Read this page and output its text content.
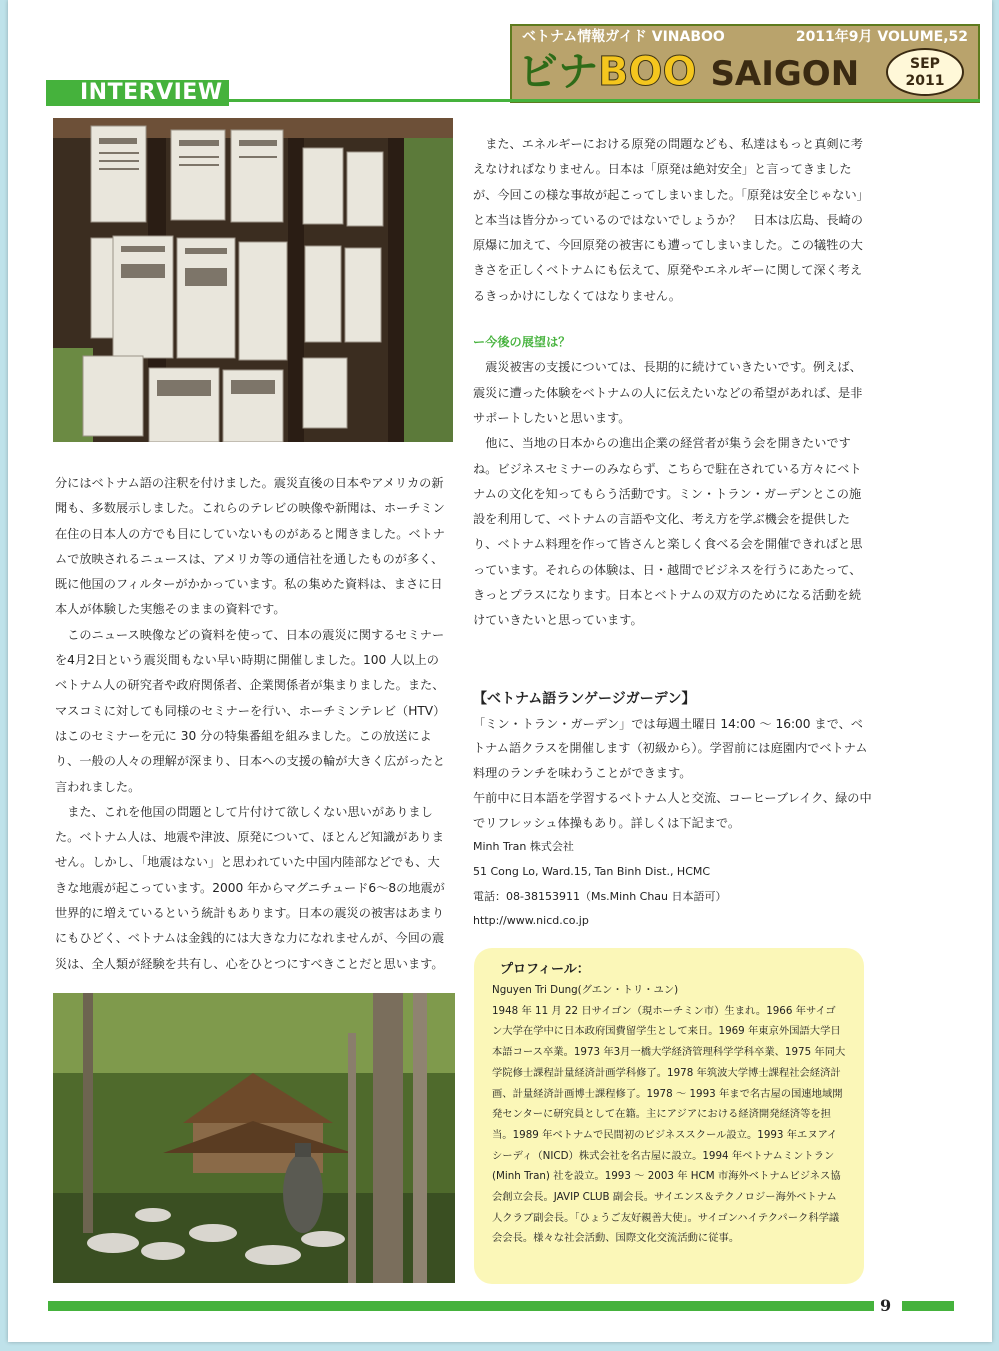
ベトナム情報ガイド VINABOO	2011年9月 VOLUME,52
ビナBOO SAIGON	SEP
2011
INTERVIEW

分にはベトナム語の注釈を付けました。震災直後の日本やアメリカの新聞も、多数展示しました。これらのテレビの映像や新聞は、ホーチミン在住の日本人の方でも目にしていないものがあると聞きました。ベトナムで放映されるニュースは、アメリカ等の通信社を通したものが多く、既に他国のフィルターがかかっています。私の集めた資料は、まさに日本人が体験した実態そのままの資料です。

このニュース映像などの資料を使って、日本の震災に関するセミナーを4月2日という震災間もない早い時期に開催しました。100 人以上のベトナム人の研究者や政府関係者、企業関係者が集まりました。また、マスコミに対しても同様のセミナーを行い、ホーチミンテレビ（HTV）はこのセミナーを元に 30 分の特集番組を組みました。この放送により、一般の人々の理解が深まり、日本への支援の輪が大きく広がったと言われました。

また、これを他国の問題として片付けて欲しくない思いがありました。ベトナム人は、地震や津波、原発について、ほとんど知識がありません。しかし、「地震はない」と思われていた中国内陸部などでも、大きな地震が起こっています。2000 年からマグニチュード6～8の地震が世界的に増えているという統計もあります。日本の震災の被害はあまりにもひどく、ベトナムは金銭的には大きな力になれませんが、今回の震災は、全人類が経験を共有し、心をひとつにすべきことだと思います。

また、エネルギーにおける原発の問題なども、私達はもっと真剣に考えなければなりません。日本は「原発は絶対安全」と言ってきましたが、今回この様な事故が起こってしまいました。「原発は安全じゃない」と本当は皆分かっているのではないでしょうか？　日本は広島、長崎の原爆に加えて、今回原発の被害にも遭ってしまいました。この犠牲の大きさを正しくベトナムにも伝えて、原発やエネルギーに関して深く考えるきっかけにしなくてはなりません。

ー今後の展望は？

震災被害の支援については、長期的に続けていきたいです。例えば、震災に遭った体験をベトナムの人に伝えたいなどの希望があれば、是非サポートしたいと思います。

他に、当地の日本からの進出企業の経営者が集う会を開きたいですね。ビジネスセミナーのみならず、こちらで駐在されている方々にベトナムの文化を知ってもらう活動です。ミン・トラン・ガーデンとこの施設を利用して、ベトナムの言語や文化、考え方を学ぶ機会を提供したり、ベトナム料理を作って皆さんと楽しく食べる会を開催できればと思っています。それらの体験は、日・越間でビジネスを行うにあたって、きっとプラスになります。日本とベトナムの双方のためになる活動を続けていきたいと思っています。

【ベトナム語ランゲージガーデン】

「ミン・トラン・ガーデン」では毎週土曜日 14:00 ～ 16:00 まで、ベトナム語クラスを開催します（初級から）。学習前には庭園内でベトナム料理のランチを味わうことができます。

午前中に日本語を学習するベトナム人と交流、コーヒーブレイク、緑の中でリフレッシュ体操もあり。詳しくは下記まで。

Minh Tran 株式会社

51 Cong Lo, Ward.15, Tan Binh Dist., HCMC

電話：08-38153911（Ms.Minh Chau 日本語可）

http://www.nicd.co.jp

プロフィール：

Nguyen Tri Dung(グエン・トリ・ユン)

1948 年 11 月 22 日サイゴン（現ホーチミン市）生まれ。1966 年サイゴン大学在学中に日本政府国費留学生として来日。1969 年東京外国語大学日本語コース卒業。1973 年3月一橋大学経済管理科学学科卒業、1975 年同大学院修士課程計量経済計画学科修了。1978 年筑波大学博士課程社会経済計画、計量経済計画博士課程修了。1978 ～ 1993 年まで名古屋の国連地域開発センターに研究員として在籍。主にアジアにおける経済開発経済等を担当。1989 年ベトナムで民間初のビジネススクール設立。1993 年エヌアイシーディ（NICD）株式会社を名古屋に設立。1994 年ベトナムミントラン(Minh Tran) 社を設立。1993 ～ 2003 年 HCM 市海外ベトナムビジネス協会創立会長。JAVIP CLUB 副会長。サイエンス＆テクノロジー海外ベトナム人クラブ副会長。「ひょうご友好親善大使」。サイゴンハイテクパーク科学議会会長。様々な社会活動、国際文化交流活動に従事。

9
